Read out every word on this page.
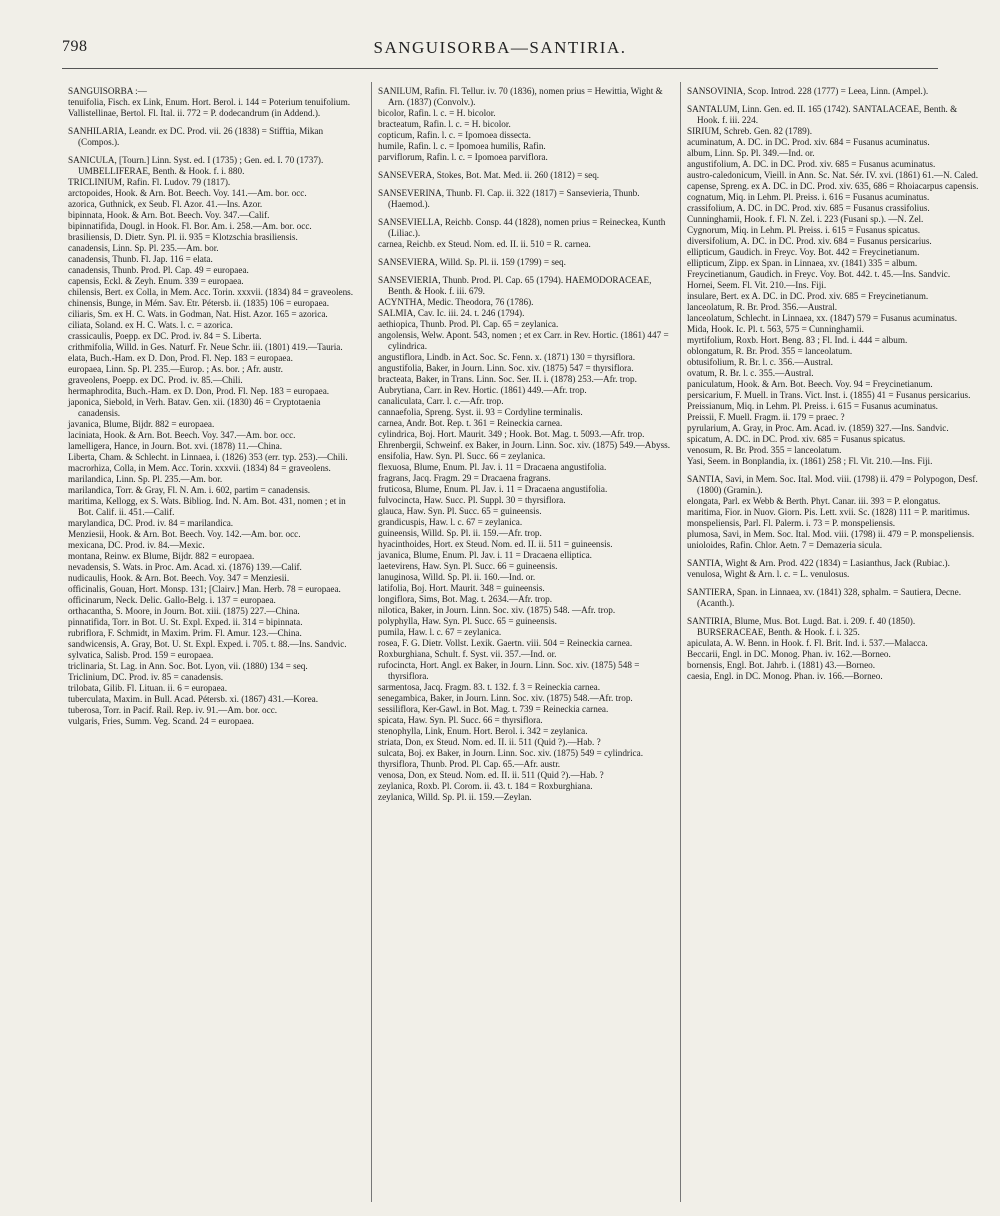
798	SANGUISORBA—SANTIRIA.
SANGUISORBA :—
tenuifolia, Fisch. ex Link, Enum. Hort. Berol. i. 144 = Poterium tenuifolium.
Vallistellinae, Bertol. Fl. Ital. ii. 772 = P. dodecandrum (in Addend.).
SANHILARIA, Leandr. ex DC. Prod. vii. 26 (1838) = Stifftia, Mikan (Compos.).
SANICULA, [Tourn.] Linn. Syst. ed. I (1735) ; Gen. ed. I. 70 (1737). UMBELLIFERAE, Benth. & Hook. f. i. 880.
TRICLINIUM, Rafin. Fl. Ludov. 79 (1817).
arctopoides, Hook. & Arn. Bot. Beech. Voy. 141.—Am. bor. occ.
azorica, Guthnick, ex Seub. Fl. Azor. 41.—Ins. Azor.
bipinnata, Hook. & Arn. Bot. Beech. Voy. 347.—Calif.
bipinnatifida, Dougl. in Hook. Fl. Bor. Am. i. 258.—Am. bor. occ.
brasiliensis, D. Dietr. Syn. Pl. ii. 935 = Klotzschia brasiliensis.
canadensis, Linn. Sp. Pl. 235.—Am. bor.
canadensis, Thunb. Fl. Jap. 116 = elata.
canadensis, Thunb. Prod. Pl. Cap. 49 = europaea.
capensis, Eckl. & Zeyh. Enum. 339 = europaea.
chilensis, Bert. ex Colla, in Mem. Acc. Torin. xxxvii. (1834) 84 = graveolens.
chinensis, Bunge, in Mém. Sav. Etr. Pétersb. ii. (1835) 106 = europaea.
ciliaris, Sm. ex H. C. Wats. in Godman, Nat. Hist. Azor. 165 = azorica.
ciliata, Soland. ex H. C. Wats. l. c. = azorica.
crassicaulis, Poepp. ex DC. Prod. iv. 84 = S. Liberta.
crithmifolia, Willd. in Ges. Naturf. Fr. Neue Schr. iii. (1801) 419.—Tauria.
elata, Buch.-Ham. ex D. Don, Prod. Fl. Nep. 183 = europaea.
europaea, Linn. Sp. Pl. 235.—Europ. ; As. bor. ; Afr. austr.
graveolens, Poepp. ex DC. Prod. iv. 85.—Chili.
hermaphrodita, Buch.-Ham. ex D. Don, Prod. Fl. Nep. 183 = europaea.
japonica, Siebold, in Verh. Batav. Gen. xii. (1830) 46 = Cryptotaenia canadensis.
javanica, Blume, Bijdr. 882 = europaea.
laciniata, Hook. & Arn. Bot. Beech. Voy. 347.—Am. bor. occ.
lamelligera, Hance, in Journ. Bot. xvi. (1878) 11.—China.
Liberta, Cham. & Schlecht. in Linnaea, i. (1826) 353 (err. typ. 253).—Chili.
macrorhiza, Colla, in Mem. Acc. Torin. xxxvii. (1834) 84 = graveolens.
marilandica, Linn. Sp. Pl. 235.—Am. bor.
marilandica, Torr. & Gray, Fl. N. Am. i. 602, partim = canadensis.
maritima, Kellogg, ex S. Wats. Bibliog. Ind. N. Am. Bot. 431, nomen ; et in Bot. Calif. ii. 451.—Calif.
marylandica, DC. Prod. iv. 84 = marilandica.
Menziesii, Hook. & Arn. Bot. Beech. Voy. 142.—Am. bor. occ.
mexicana, DC. Prod. iv. 84.—Mexic.
montana, Reinw. ex Blume, Bijdr. 882 = europaea.
nevadensis, S. Wats. in Proc. Am. Acad. xi. (1876) 139.—Calif.
nudicaulis, Hook. & Arn. Bot. Beech. Voy. 347 = Menziesii.
officinalis, Gouan, Hort. Monsp. 131; [Clairv.] Man. Herb. 78 = europaea.
officinarum, Neck. Delic. Gallo-Belg. i. 137 = europaea.
orthacantha, S. Moore, in Journ. Bot. xiii. (1875) 227.—China.
pinnatifida, Torr. in Bot. U. St. Expl. Exped. ii. 314 = bipinnata.
rubriflora, F. Schmidt, in Maxim. Prim. Fl. Amur. 123.—China.
sandwicensis, A. Gray, Bot. U. St. Expl. Exped. i. 705. t. 88.—Ins. Sandvic.
sylvatica, Salisb. Prod. 159 = europaea.
triclinaria, St. Lag. in Ann. Soc. Bot. Lyon, vii. (1880) 134 = seq.
Triclinium, DC. Prod. iv. 85 = canadensis.
trilobata, Gilib. Fl. Lituan. ii. 6 = europaea.
tuberculata, Maxim. in Bull. Acad. Pétersb. xi. (1867) 431.—Korea.
tuberosa, Torr. in Pacif. Rail. Rep. iv. 91.—Am. bor. occ.
vulgaris, Fries, Summ. Veg. Scand. 24 = europaea.
SANILUM, Rafin. Fl. Tellur. iv. 70 (1836), nomen prius = Hewittia, Wight & Arn. (1837) (Convolv.).
bicolor, Rafin. l. c. = H. bicolor.
bracteatum, Rafin. l. c. = H. bicolor.
copticum, Rafin. l. c. = Ipomoea dissecta.
humile, Rafin. l. c. = Ipomoea humilis, Rafin.
parviflorum, Rafin. l. c. = Ipomoea parviflora.
SANSEVERA, Stokes, Bot. Mat. Med. ii. 260 (1812) = seq.
SANSEVERINA, Thunb. Fl. Cap. ii. 322 (1817) = Sansevieria, Thunb. (Haemod.).
SANSEVIELLA, Reichb. Consp. 44 (1828), nomen prius = Reineckea, Kunth (Liliac.).
carnea, Reichb. ex Steud. Nom. ed. II. ii. 510 = R. carnea.
SANSEVIERA, Willd. Sp. Pl. ii. 159 (1799) = seq.
SANSEVIERIA, Thunb. Prod. Pl. Cap. 65 (1794). HAEMODORACEAE, Benth. & Hook. f. iii. 679.
ACYNTHA, Medic. Theodora, 76 (1786).
SALMIA, Cav. Ic. iii. 24. t. 246 (1794).
aethiopica, Thunb. Prod. Pl. Cap. 65 = zeylanica.
angolensis, Welw. Apont. 543, nomen ; et ex Carr. in Rev. Hortic. (1861) 447 = cylindrica.
angustiflora, Lindb. in Act. Soc. Sc. Fenn. x. (1871) 130 = thyrsiflora.
angustifolia, Baker, in Journ. Linn. Soc. xiv. (1875) 547 = thyrsiflora.
bracteata, Baker, in Trans. Linn. Soc. Ser. II. i. (1878) 253.—Afr. trop.
Aubrytiana, Carr. in Rev. Hortic. (1861) 449.—Afr. trop.
canaliculata, Carr. l. c.—Afr. trop.
cannaefolia, Spreng. Syst. ii. 93 = Cordyline terminalis.
carnea, Andr. Bot. Rep. t. 361 = Reineckia carnea.
cylindrica, Boj. Hort. Maurit. 349 ; Hook. Bot. Mag. t. 5093.—Afr. trop.
Ehrenbergii, Schweinf. ex Baker, in Journ. Linn. Soc. xiv. (1875) 549.—Abyss.
ensifolia, Haw. Syn. Pl. Succ. 66 = zeylanica.
flexuosa, Blume, Enum. Pl. Jav. i. 11 = Dracaena angustifolia.
fragrans, Jacq. Fragm. 29 = Dracaena fragrans.
fruticosa, Blume, Enum. Pl. Jav. i. 11 = Dracaena angustifolia.
fulvocincta, Haw. Succ. Pl. Suppl. 30 = thyrsiflora.
glauca, Haw. Syn. Pl. Succ. 65 = guineensis.
grandicuspis, Haw. l. c. 67 = zeylanica.
guineensis, Willd. Sp. Pl. ii. 159.—Afr. trop.
hyacinthoides, Hort. ex Steud. Nom. ed. II. ii. 511 = guineensis.
javanica, Blume, Enum. Pl. Jav. i. 11 = Dracaena elliptica.
laetevirens, Haw. Syn. Pl. Succ. 66 = guineensis.
lanuginosa, Willd. Sp. Pl. ii. 160.—Ind. or.
latifolia, Boj. Hort. Maurit. 348 = guineensis.
longiflora, Sims, Bot. Mag. t. 2634.—Afr. trop.
nilotica, Baker, in Journ. Linn. Soc. xiv. (1875) 548. —Afr. trop.
polyphylla, Haw. Syn. Pl. Succ. 65 = guineensis.
pumila, Haw. l. c. 67 = zeylanica.
rosea, F. G. Dietr. Vollst. Lexik. Gaertn. viii. 504 = Reineckia carnea.
Roxburghiana, Schult. f. Syst. vii. 357.—Ind. or.
rufocincta, Hort. Angl. ex Baker, in Journ. Linn. Soc. xiv. (1875) 548 = thyrsiflora.
sarmentosa, Jacq. Fragm. 83. t. 132. f. 3 = Reineckia carnea.
senegambica, Baker, in Journ. Linn. Soc. xiv. (1875) 548.—Afr. trop.
sessiliflora, Ker-Gawl. in Bot. Mag. t. 739 = Reineckia carnea.
spicata, Haw. Syn. Pl. Succ. 66 = thyrsiflora.
stenophylla, Link, Enum. Hort. Berol. i. 342 = zeylanica.
striata, Don, ex Steud. Nom. ed. II. ii. 511 (Quid ?).—Hab. ?
sulcata, Boj. ex Baker, in Journ. Linn. Soc. xiv. (1875) 549 = cylindrica.
thyrsiflora, Thunb. Prod. Pl. Cap. 65.—Afr. austr.
venosa, Don, ex Steud. Nom. ed. II. ii. 511 (Quid ?).—Hab. ?
zeylanica, Roxb. Pl. Corom. ii. 43. t. 184 = Roxburghiana.
zeylanica, Willd. Sp. Pl. ii. 159.—Zeylan.
SANSOVINIA, Scop. Introd. 228 (1777) = Leea, Linn. (Ampel.).
SANTALUM, Linn. Gen. ed. II. 165 (1742). SANTALACEAE, Benth. & Hook. f. iii. 224.
SIRIUM, Schreb. Gen. 82 (1789).
acuminatum, A. DC. in DC. Prod. xiv. 684 = Fusanus acuminatus.
album, Linn. Sp. Pl. 349.—Ind. or.
angustifolium, A. DC. in DC. Prod. xiv. 685 = Fusanus acuminatus.
austro-caledonicum, Vieill. in Ann. Sc. Nat. Sér. IV. xvi. (1861) 61.—N. Caled.
capense, Spreng. ex A. DC. in DC. Prod. xiv. 635, 686 = Rhoiacarpus capensis.
cognatum, Miq. in Lehm. Pl. Preiss. i. 616 = Fusanus acuminatus.
crassifolium, A. DC. in DC. Prod. xiv. 685 = Fusanus crassifolius.
Cunninghamii, Hook. f. Fl. N. Zel. i. 223 (Fusani sp.). —N. Zel.
Cygnorum, Miq. in Lehm. Pl. Preiss. i. 615 = Fusanus spicatus.
diversifolium, A. DC. in DC. Prod. xiv. 684 = Fusanus persicarius.
ellipticum, Gaudich. in Freyc. Voy. Bot. 442 = Freycinetianum.
ellipticum, Zipp. ex Span. in Linnaea, xv. (1841) 335 = album.
Freycinetianum, Gaudich. in Freyc. Voy. Bot. 442. t. 45.—Ins. Sandvic.
Hornei, Seem. Fl. Vit. 210.—Ins. Fiji.
insulare, Bert. ex A. DC. in DC. Prod. xiv. 685 = Freycinetianum.
lanceolatum, R. Br. Prod. 356.—Austral.
lanceolatum, Schlecht. in Linnaea, xx. (1847) 579 = Fusanus acuminatus.
Mida, Hook. Ic. Pl. t. 563, 575 = Cunninghamii.
myrtifolium, Roxb. Hort. Beng. 83 ; Fl. Ind. i. 444 = album.
oblongatum, R. Br. Prod. 355 = lanceolatum.
obtusifolium, R. Br. l. c. 356.—Austral.
ovatum, R. Br. l. c. 355.—Austral.
paniculatum, Hook. & Arn. Bot. Beech. Voy. 94 = Freycinetianum.
persicarium, F. Muell. in Trans. Vict. Inst. i. (1855) 41 = Fusanus persicarius.
Preissianum, Miq. in Lehm. Pl. Preiss. i. 615 = Fusanus acuminatus.
Preissii, F. Muell. Fragm. ii. 179 = praec. ?
pyrularium, A. Gray, in Proc. Am. Acad. iv. (1859) 327.—Ins. Sandvic.
spicatum, A. DC. in DC. Prod. xiv. 685 = Fusanus spicatus.
venosum, R. Br. Prod. 355 = lanceolatum.
Yasi, Seem. in Bonplandia, ix. (1861) 258 ; Fl. Vit. 210.—Ins. Fiji.
SANTIA, Savi, in Mem. Soc. Ital. Mod. viii. (1798) ii. 479 = Polypogon, Desf. (1800) (Gramin.).
elongata, Parl. ex Webb & Berth. Phyt. Canar. iii. 393 = P. elongatus.
maritima, Fior. in Nuov. Giorn. Pis. Lett. xvii. Sc. (1828) 111 = P. maritimus.
monspeliensis, Parl. Fl. Palerm. i. 73 = P. monspeliensis.
plumosa, Savi, in Mem. Soc. Ital. Mod. viii. (1798) ii. 479 = P. monspeliensis.
unioloides, Rafin. Chlor. Aetn. 7 = Demazeria sicula.
SANTIA, Wight & Arn. Prod. 422 (1834) = Lasianthus, Jack (Rubiac.).
venulosa, Wight & Arn. l. c. = L. venulosus.
SANTIERA, Span. in Linnaea, xv. (1841) 328, sphalm. = Sautiera, Decne. (Acanth.).
SANTIRIA, Blume, Mus. Bot. Lugd. Bat. i. 209. f. 40 (1850). BURSERACEAE, Benth. & Hook. f. i. 325.
apiculata, A. W. Benn. in Hook. f. Fl. Brit. Ind. i. 537.—Malacca.
Beccarii, Engl. in DC. Monog. Phan. iv. 162.—Borneo.
bornensis, Engl. Bot. Jahrb. i. (1881) 43.—Borneo.
caesia, Engl. in DC. Monog. Phan. iv. 166.—Borneo.
